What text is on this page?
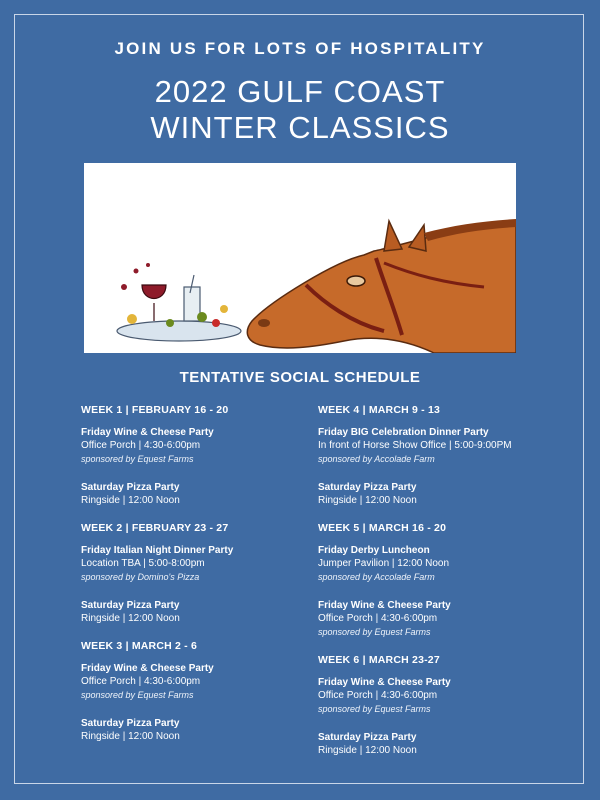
JOIN US FOR LOTS OF HOSPITALITY
2022 GULF COAST
WINTER CLASSICS
TENTATIVE SOCIAL SCHEDULE
WEEK 1 | FEBRUARY 16 - 20
Friday Wine & Cheese Party
Office Porch | 4:30-6:00pm
sponsored by Equest Farms
Saturday Pizza Party
Ringside | 12:00 Noon
WEEK 2 | FEBRUARY 23 - 27
Friday Italian Night Dinner Party
Location TBA | 5:00-8:00pm
sponsored by Domino's Pizza
Saturday Pizza Party
Ringside | 12:00 Noon
WEEK 3 | MARCH 2 - 6
Friday Wine & Cheese Party
Office Porch | 4:30-6:00pm
sponsored by Equest Farms
Saturday Pizza Party
Ringside | 12:00 Noon
WEEK 4 | MARCH 9 - 13
Friday BIG Celebration Dinner Party
In front of Horse Show Office | 5:00-9:00PM
sponsored by Accolade Farm
Saturday Pizza Party
Ringside | 12:00 Noon
WEEK 5 | MARCH 16 - 20
Friday Derby Luncheon
Jumper Pavilion | 12:00 Noon
sponsored by Accolade Farm
Friday Wine & Cheese Party
Office Porch | 4:30-6:00pm
sponsored by Equest Farms
WEEK 6 | MARCH 23-27
Friday Wine & Cheese Party
Office Porch | 4:30-6:00pm
sponsored by Equest Farms
Saturday Pizza Party
Ringside | 12:00 Noon
